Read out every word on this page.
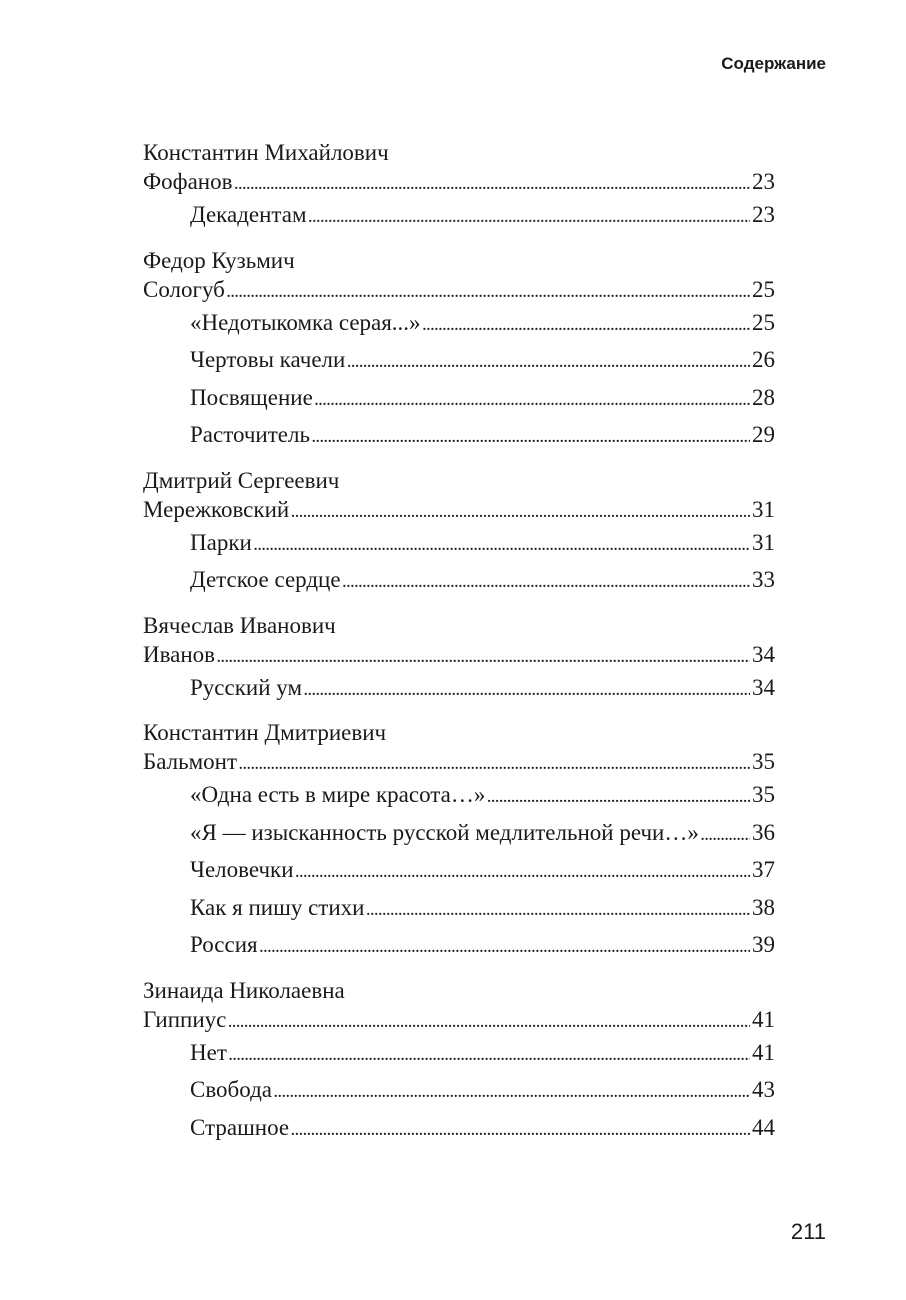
Содержание
Константин Михайлович
Фофанов . . .	23
Декадентам . . .	23
Федор Кузьмич
Сологуб . . .	25
«Недотыкомка серая...» . . .	25
Чертовы качели . . .	26
Посвящение . . .	28
Расточитель . . .	29
Дмитрий Сергеевич
Мережковский . . .	31
Парки . . .	31
Детское сердце . . .	33
Вячеслав Иванович
Иванов . . .	34
Русский ум . . .	34
Константин Дмитриевич
Бальмонт . . .	35
«Одна есть в мире красота…» . . .	35
«Я — изысканность русской медлительной речи…» . . . 36
Человечки . . .	37
Как я пишу стихи . . .	38
Россия . . .	39
Зинаида Николаевна
Гиппиус . . .	41
Нет . . .	41
Свобода . . .	43
Страшное . . .	44
211
